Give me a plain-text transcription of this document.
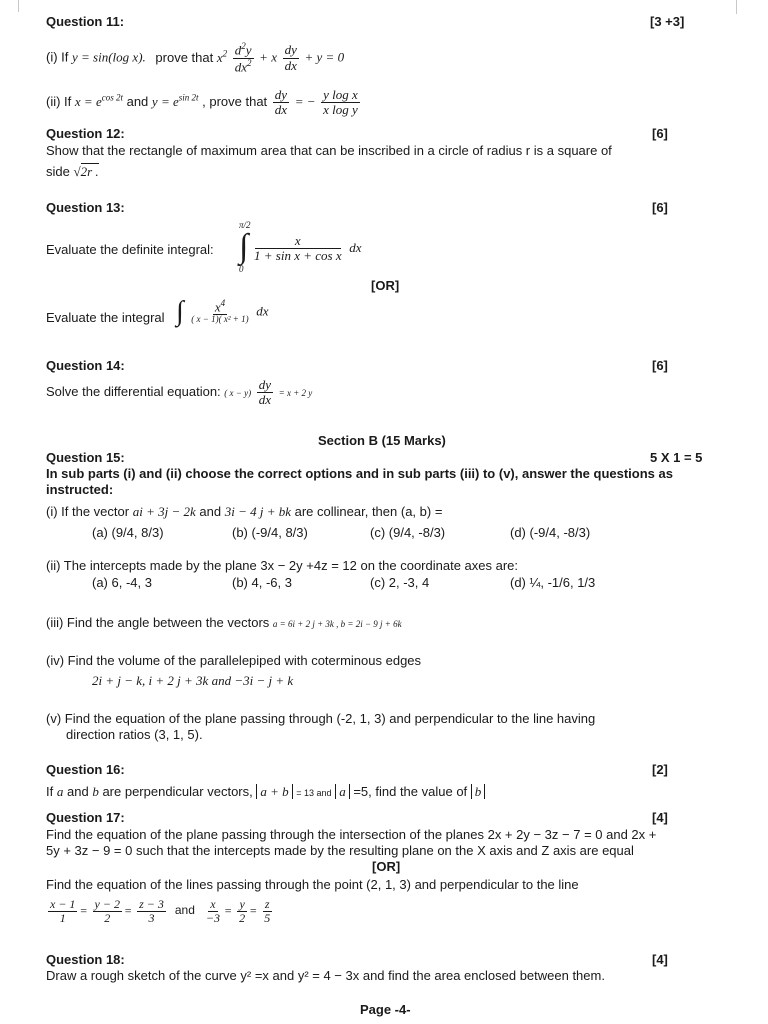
Question 11:	[3 +3]
(i) If y = sin(log x). prove that $x^2 \frac{d^2y}{dx^2} + x \frac{dy}{dx} + y = 0$
(ii) If $x = e^{cos 2t}$ and $y = e^{sin 2t}$ , prove that $\frac{dy}{dx}$ = − $\frac{\text{y log x}}{\text{x log y}}$
Question 12:	[6]
Show that the rectangle of maximum area that can be inscribed in a circle of radius r is a square of
side √2r .
Question 13:	[6]
Evaluate the definite integral:
π/2
∫
0
$\frac{x}{\text{1 + sin x + cos x}}$ dx
[OR]
Evaluate the integral ∫ $\frac{x^4}{\text{( x − 1)( x² + 1)}}$ dx
Question 14:	[6]
Solve the differential equation: ( $x - y) \frac{dy}{dx} = x + 2$ y
Section B (15 Marks)
Question 15:	5 X 1 = 5
In sub parts (i) and (ii) choose the correct options and in sub parts (iii) to (v), answer the questions as
instructed:
(i) If the vector ai + 3j − 2k and 3i − 4 j + bk are collinear, then (a, b) =
(a) (9/4, 8/3)	(b) (-9/4, 8/3)	(c) (9/4, -8/3)	(d) (-9/4, -8/3)
(ii) The intercepts made by the plane 3x − 2y +4z = 12 on the coordinate axes are:
(a) 6, -4, 3	(b) 4, -6, 3	(c) 2, -3, 4	(d) ¼, -1/6, 1/3
(iii) Find the angle between the vectors a = 6i + 2 j + 3k , b = 2i − 9 j + 6k
(iv) Find the volume of the parallelepiped with coterminous edges
2i + j − k, i + 2 j + 3k and −3i − j + k
(v) Find the equation of the plane passing through (-2, 1, 3) and perpendicular to the line having
direction ratios (3, 1, 5).
Question 16:	[2]
If a and b are perpendicular vectors, a + b = 13 and a =5, find the value of b
Question 17:	[4]
Find the equation of the plane passing through the intersection of the planes 2x + 2y − 3z − 7 = 0 and 2x +
5y + 3z − 9 = 0 such that the intercepts made by the resulting plane on the X axis and Z axis are equal
[OR]
Find the equation of the lines passing through the point (2, 1, 3) and perpendicular to the line
$\frac{x - 1}{1} = \frac{y - 2}{2} = \frac{z - 3}{3}$ and $\frac{x}{-3} = \frac{y}{2} = \frac{z}{5}$
Question 18:	[4]
Draw a rough sketch of the curve y² =x and y² = 4 − 3x and find the area enclosed between them.
Page -4-
